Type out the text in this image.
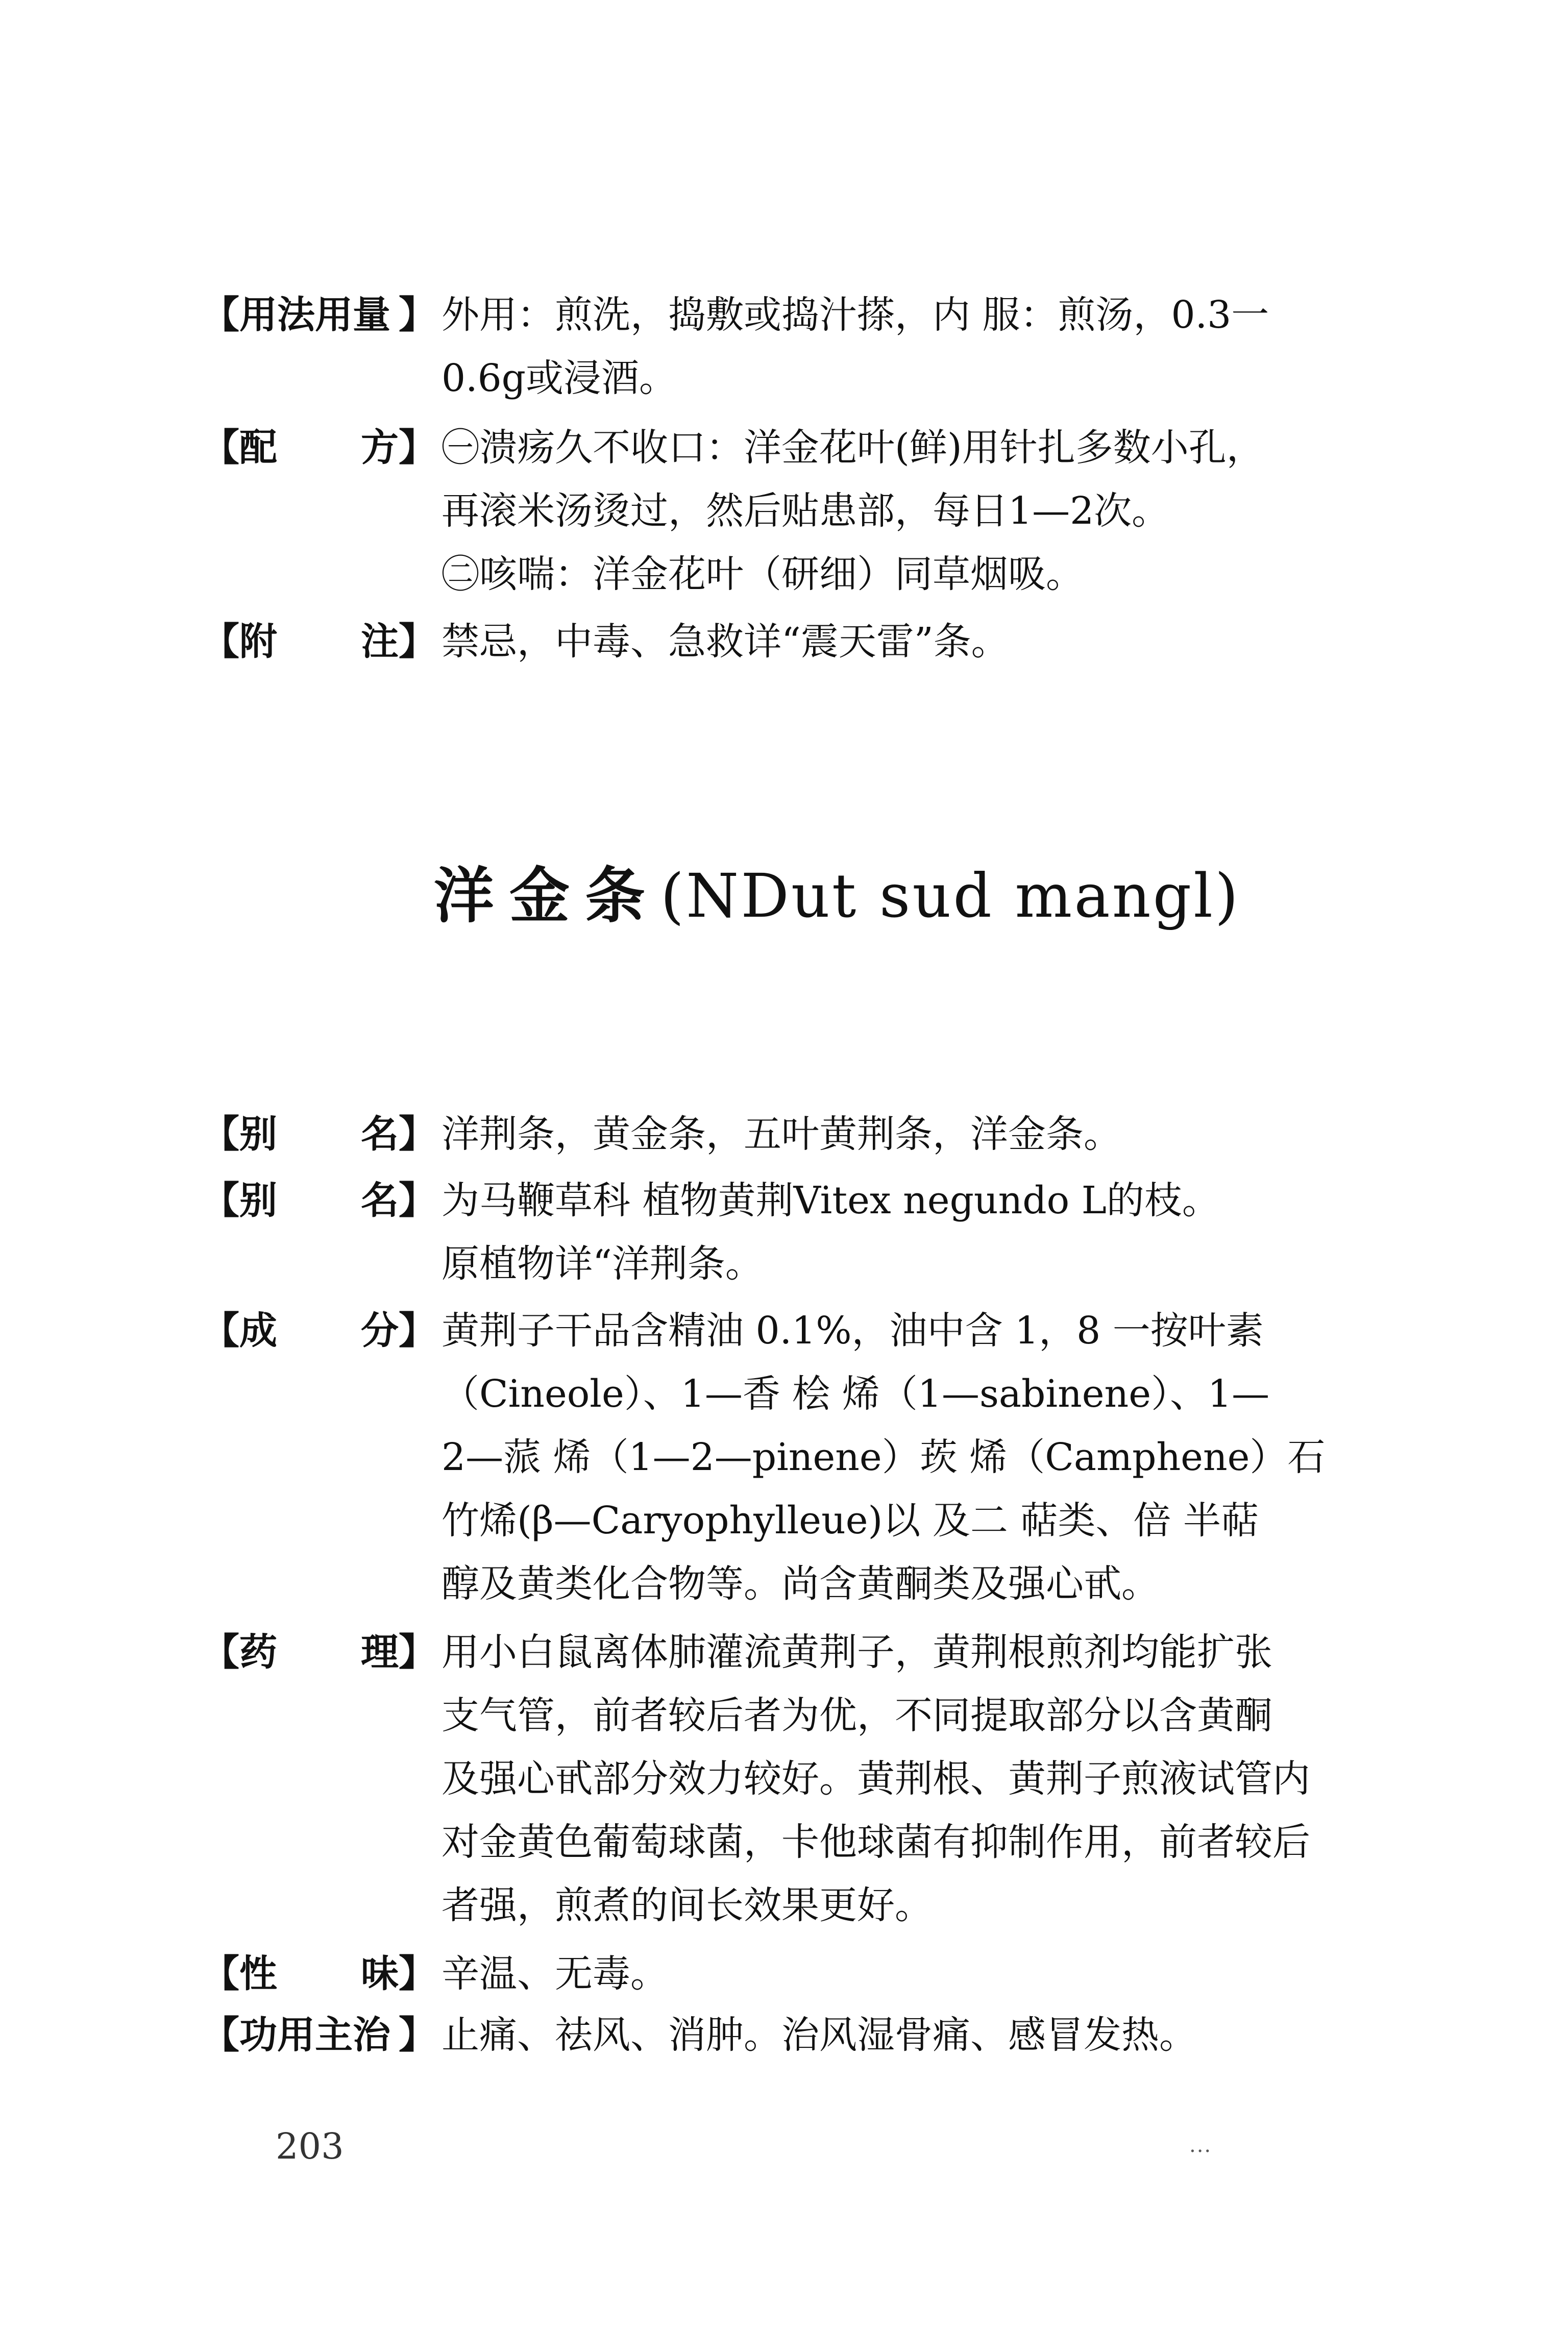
【用法用量 】 外用：煎洗，捣敷或捣汁搽，内 服：煎汤，0.3一

0.6g或浸酒。

【配 方】 ㊀溃疡久不收口：洋金花叶(鲜)用针扎多数小孔，

再滚米汤烫过，然后贴患部，每日1—2次。

㊁咳喘：洋金花叶（研细）同草烟吸。

【附 注】 禁忌，中毒、急救详“震天雷”条。

洋金条(NDut sud mangl)
【别 名】 洋荆条，黄金条，五叶黄荆条，洋金条。

【别 名】 为马鞭草科 植物黄荆Vitex negundo L的枝。

原植物详“洋荆条。

【成 分】 黄荆子干品含精油 0.1%，油中含 1，8 一按叶素

（Cineole）、1—香 桧 烯（1—sabinene）、1—

2—蒎 烯（1—2—pinene）莰 烯（Camphene）石

竹烯(β—Caryophylleue)以 及二 萜类、倍 半萜

醇及黄类化合物等。尚含黄酮类及强心甙。

【药 理】 用小白鼠离体肺灌流黄荆子，黄荆根煎剂均能扩张

支气管，前者较后者为优，不同提取部分以含黄酮

及强心甙部分效力较好。黄荆根、黄荆子煎液试管内

对金黄色葡萄球菌，卡他球菌有抑制作用，前者较后

者强，煎煮的间长效果更好。

【性 味】 辛温、无毒。

【功用主治 】 止痛、祛风、消肿。治风湿骨痛、感冒发热。

203	...
